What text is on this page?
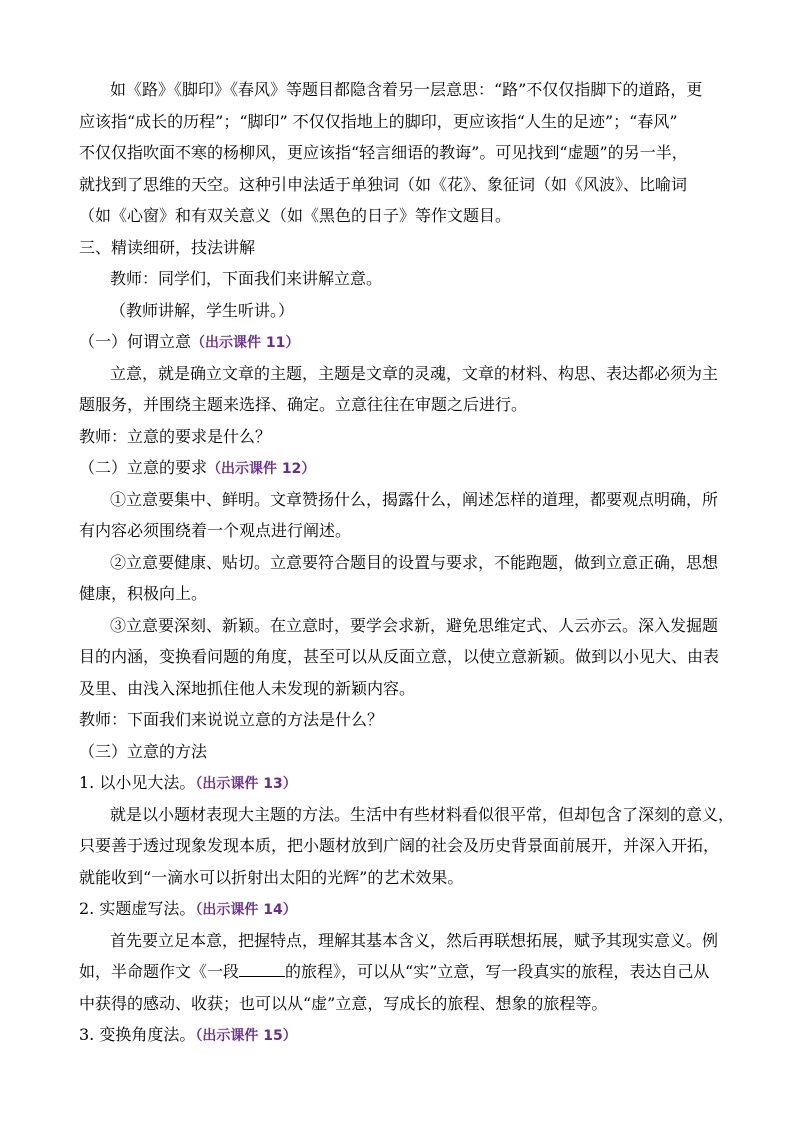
如《路》《脚印》《春风》等题目都隐含着另一层意思：“路”不仅仅指脚下的道路，更
应该指“成长的历程”；“脚印” 不仅仅指地上的脚印，更应该指“人生的足迹”；“春风”
不仅仅指吹面不寒的杨柳风，更应该指“轻言细语的教诲”。可见找到“虚题”的另一半，
就找到了思维的天空。这种引申法适于单独词（如《花》、象征词（如《风波》、比喻词
（如《心窗》和有双关意义（如《黑色的日子》等作文题目。
三、精读细研，技法讲解
教师：同学们，下面我们来讲解立意。
（教师讲解，学生听讲。）
（一）何谓立意（出示课件 11）
立意，就是确立文章的主题，主题是文章的灵魂，文章的材料、构思、表达都必须为主
题服务，并围绕主题来选择、确定。立意往往在审题之后进行。
教师：立意的要求是什么？
（二）立意的要求（出示课件 12）
①立意要集中、鲜明。文章赞扬什么，揭露什么，阐述怎样的道理，都要观点明确，所
有内容必须围绕着一个观点进行阐述。
②立意要健康、贴切。立意要符合题目的设置与要求，不能跑题，做到立意正确，思想
健康，积极向上。
③立意要深刻、新颖。在立意时，要学会求新，避免思维定式、人云亦云。深入发掘题
目的内涵，变换看问题的角度，甚至可以从反面立意，以使立意新颖。做到以小见大、由表
及里、由浅入深地抓住他人未发现的新颖内容。
教师：下面我们来说说立意的方法是什么？
（三）立意的方法
1. 以小见大法。（出示课件 13）
就是以小题材表现大主题的方法。生活中有些材料看似很平常，但却包含了深刻的意义，
只要善于透过现象发现本质，把小题材放到广阔的社会及历史背景面前展开，并深入开拓，
就能收到“一滴水可以折射出太阳的光辉”的艺术效果。
2. 实题虚写法。（出示课件 14）
首先要立足本意，把握特点，理解其基本含义，然后再联想拓展，赋予其现实意义。例
如，半命题作文《一段	的旅程》，可以从“实”立意，写一段真实的旅程，表达自己从
中获得的感动、收获；也可以从“虚”立意，写成长的旅程、想象的旅程等。
3. 变换角度法。（出示课件 15）
